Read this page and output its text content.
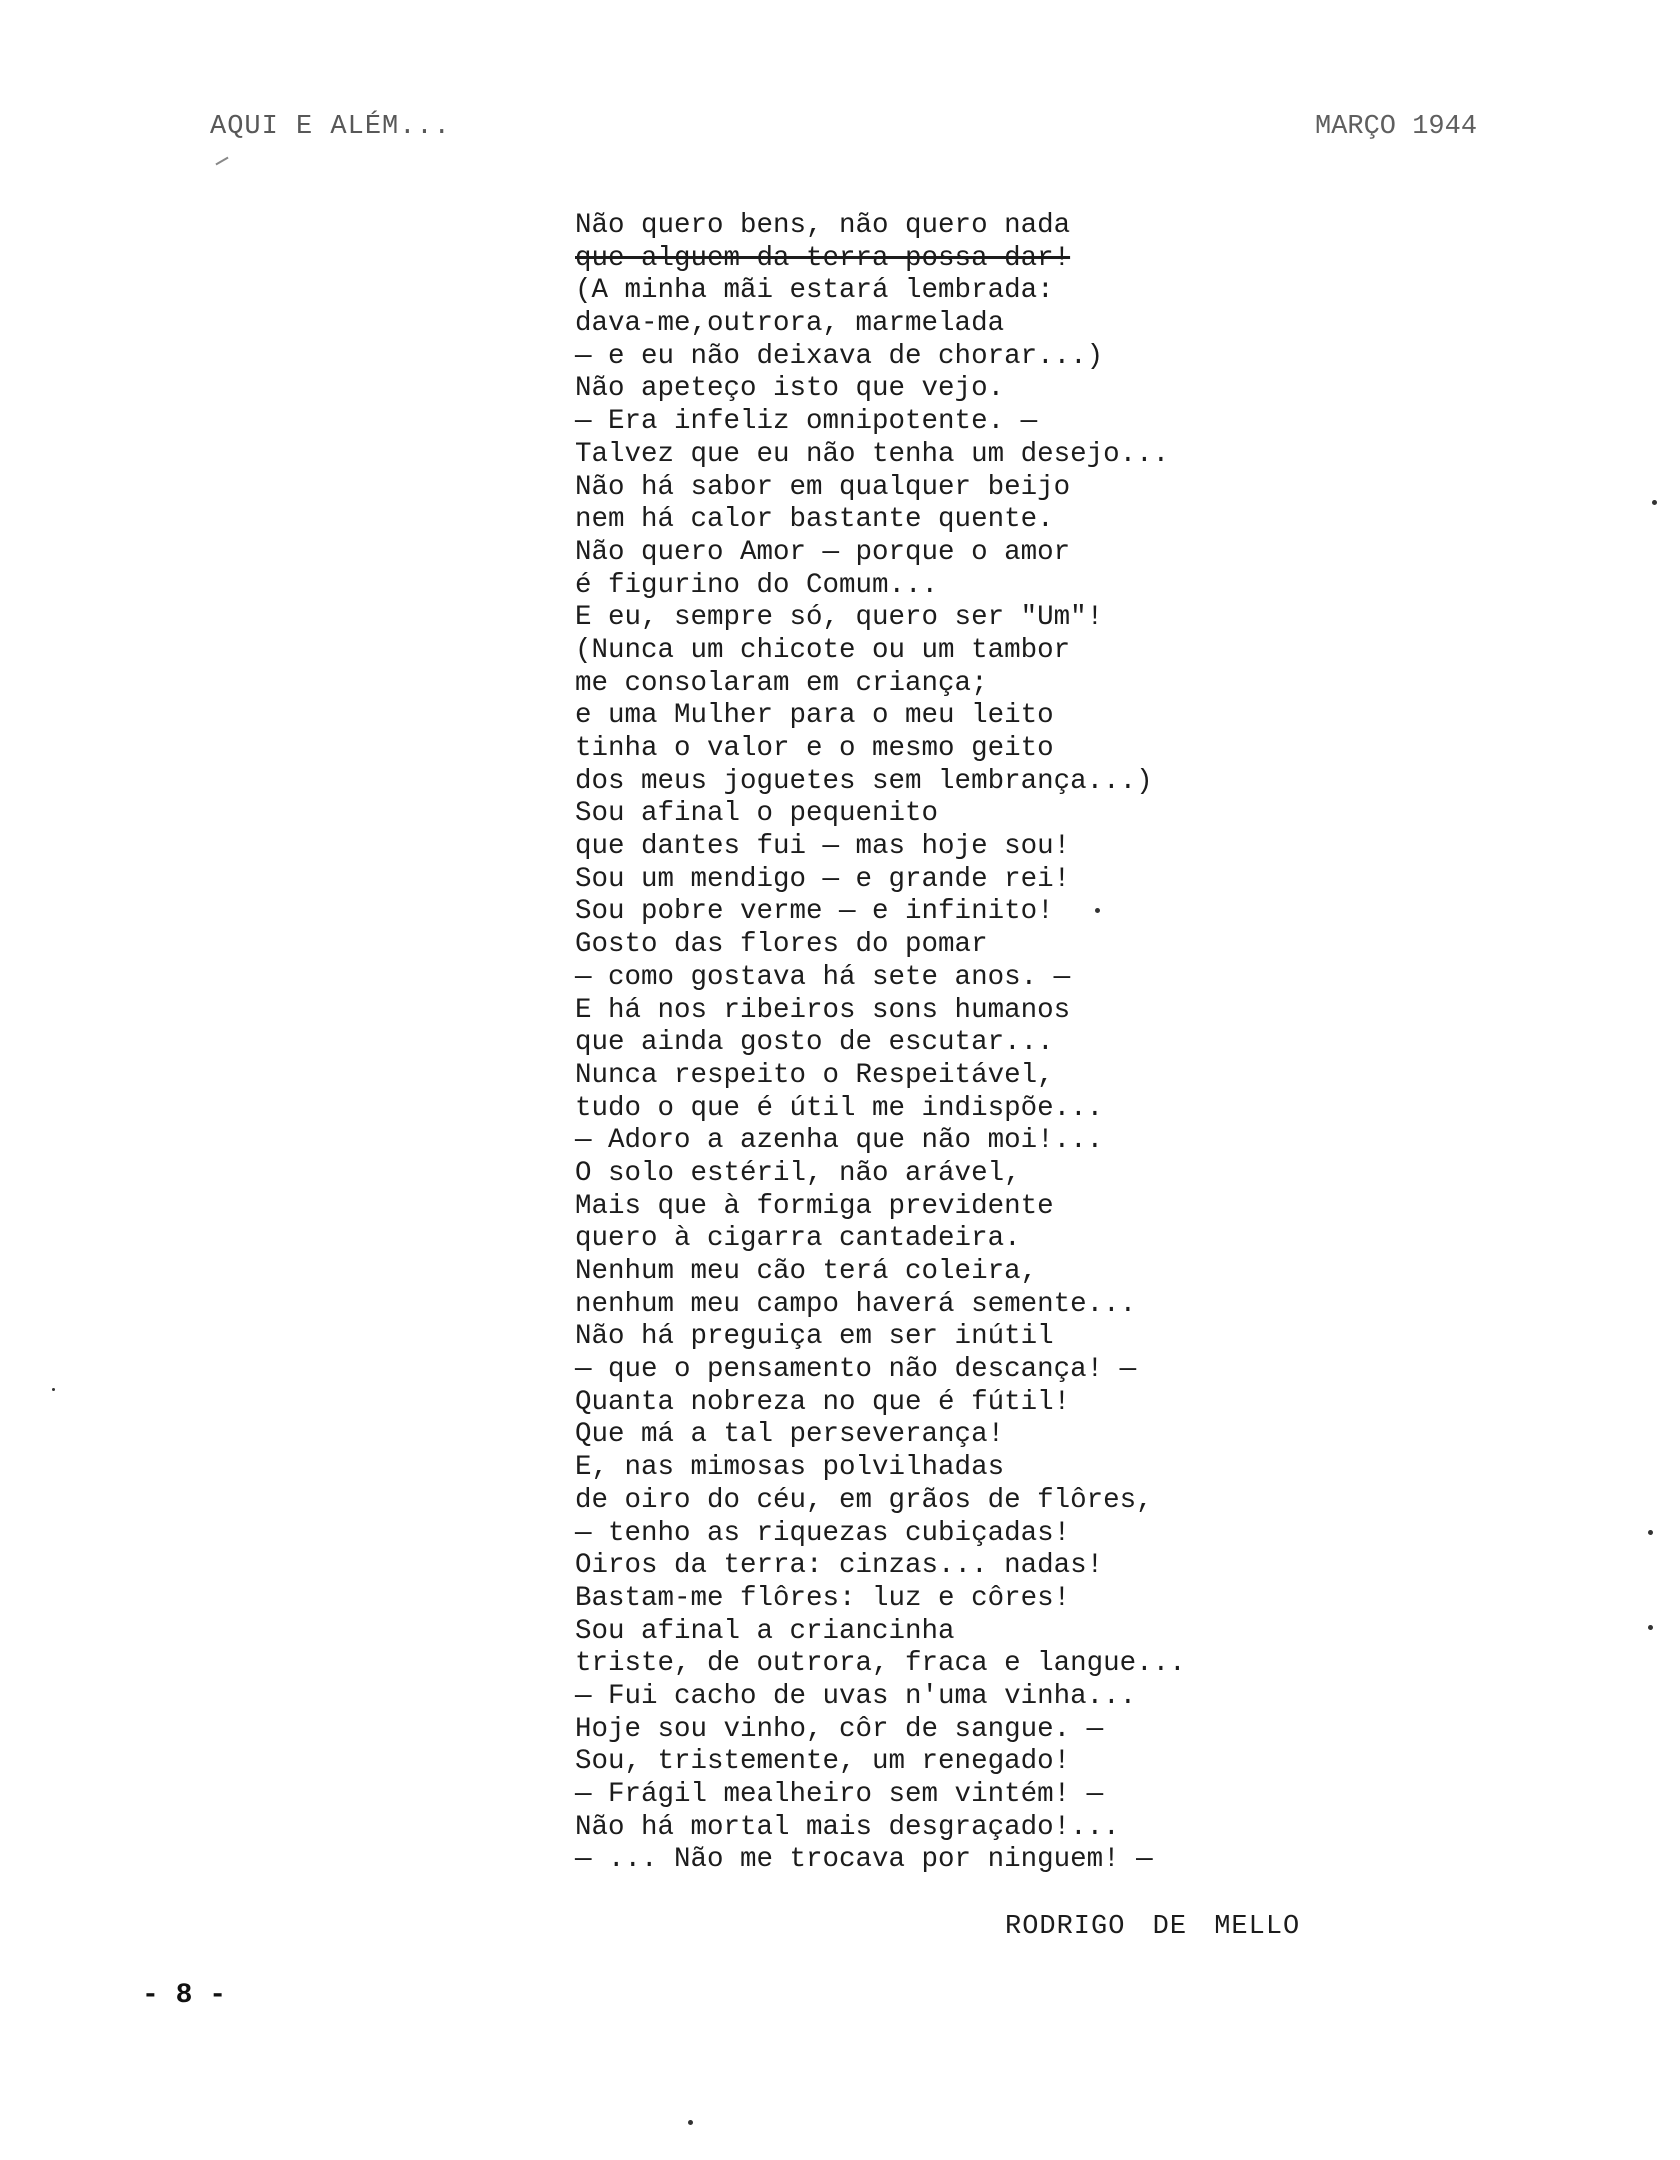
AQUI E ALÉM...	MARÇO 1944
Não quero bens, não quero nada
que alguem da terra possa dar!
(A minha mãi estará lembrada:
dava-me,outrora, marmelada
— e eu não deixava de chorar...)
Não apeteço isto que vejo.
— Era infeliz omnipotente. —
Talvez que eu não tenha um desejo...
Não há sabor em qualquer beijo
nem há calor bastante quente.
Não quero Amor — porque o amor
é figurino do Comum...
E eu, sempre só, quero ser "Um"!
(Nunca um chicote ou um tambor
me consolaram em criança;
e uma Mulher para o meu leito
tinha o valor e o mesmo geito
dos meus joguetes sem lembrança...)
Sou afinal o pequenito
que dantes fui — mas hoje sou!
Sou um mendigo — e grande rei!
Sou pobre verme — e infinito!
Gosto das flores do pomar
— como gostava há sete anos. —
E há nos ribeiros sons humanos
que ainda gosto de escutar...
Nunca respeito o Respeitável,
tudo o que é útil me indispõe...
— Adoro a azenha que não moi!...
O solo estéril, não arável,
Mais que à formiga previdente
quero à cigarra cantadeira.
Nenhum meu cão terá coleira,
nenhum meu campo haverá semente...
Não há preguiça em ser inútil
— que o pensamento não descança! —
Quanta nobreza no que é fútil!
Que má a tal perseverança!
E, nas mimosas polvilhadas
de oiro do céu, em grãos de flôres,
— tenho as riquezas cubiçadas!
Oiros da terra: cinzas... nadas!
Bastam-me flôres: luz e côres!
Sou afinal a criancinha
triste, de outrora, fraca e langue...
— Fui cacho de uvas n'uma vinha...
Hoje sou vinho, côr de sangue. —
Sou, tristemente, um renegado!
— Frágil mealheiro sem vintém! —
Não há mortal mais desgraçado!...
— ... Não me trocava por ninguem! —
RODRIGO DE MELLO
- 8 -
